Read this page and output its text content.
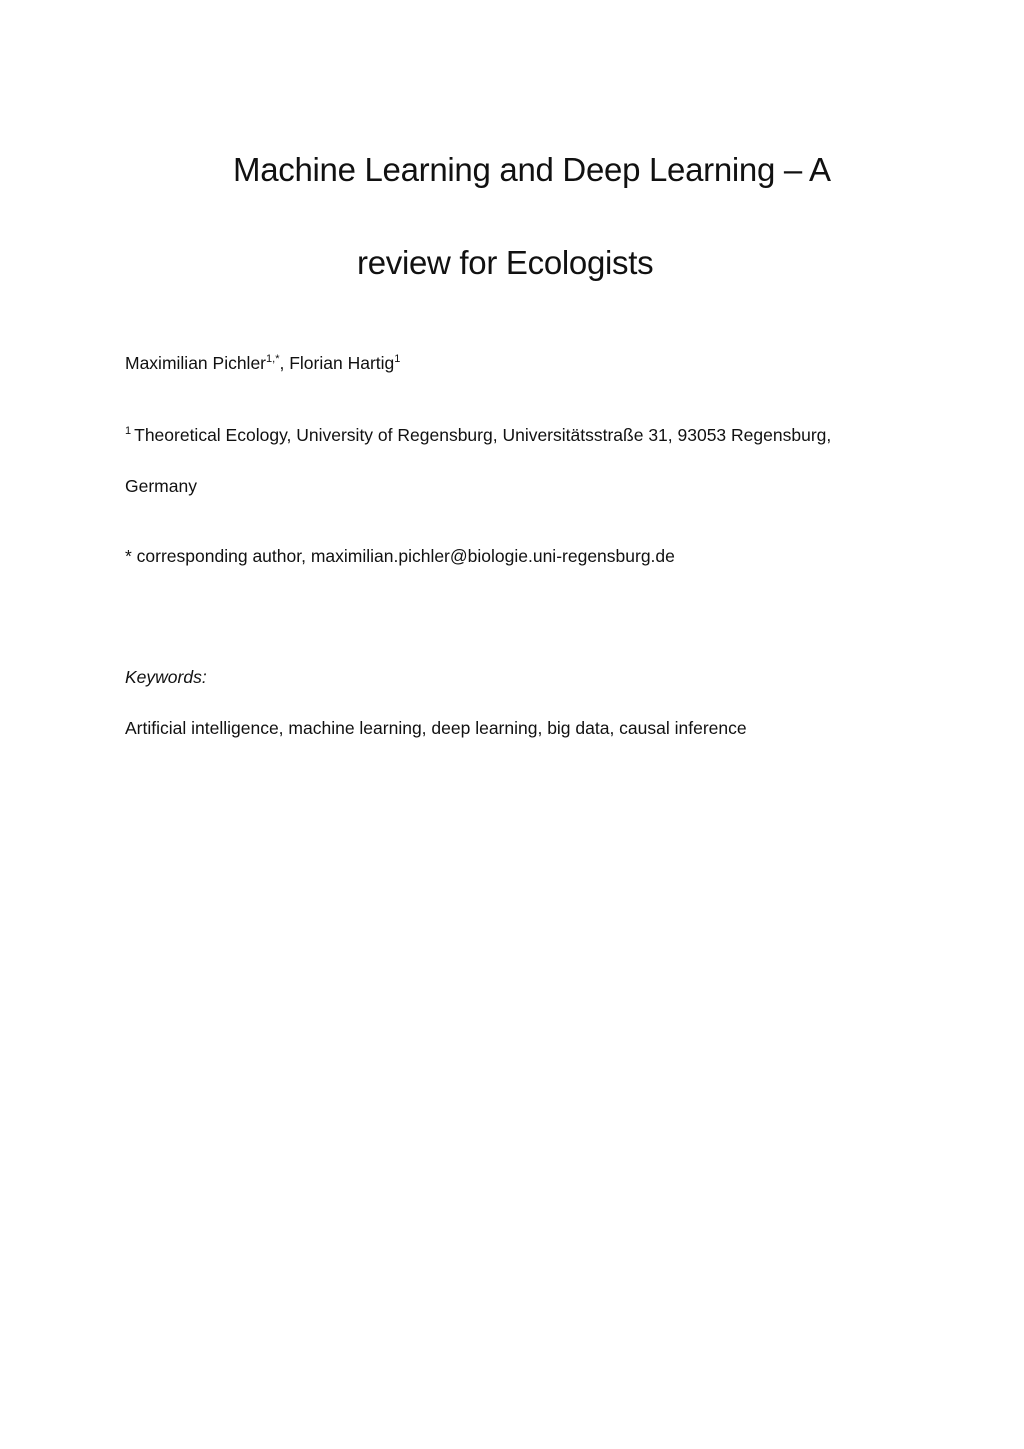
Machine Learning and Deep Learning – A
review for Ecologists
Maximilian Pichler$^{1,*}$, Florian Hartig$^1$
$^1$ Theoretical Ecology, University of Regensburg, Universitätsstraße 31, 93053 Regensburg,
Germany
* corresponding author, maximilian.pichler@biologie.uni-regensburg.de
Keywords:
Artificial intelligence, machine learning, deep learning, big data, causal inference
